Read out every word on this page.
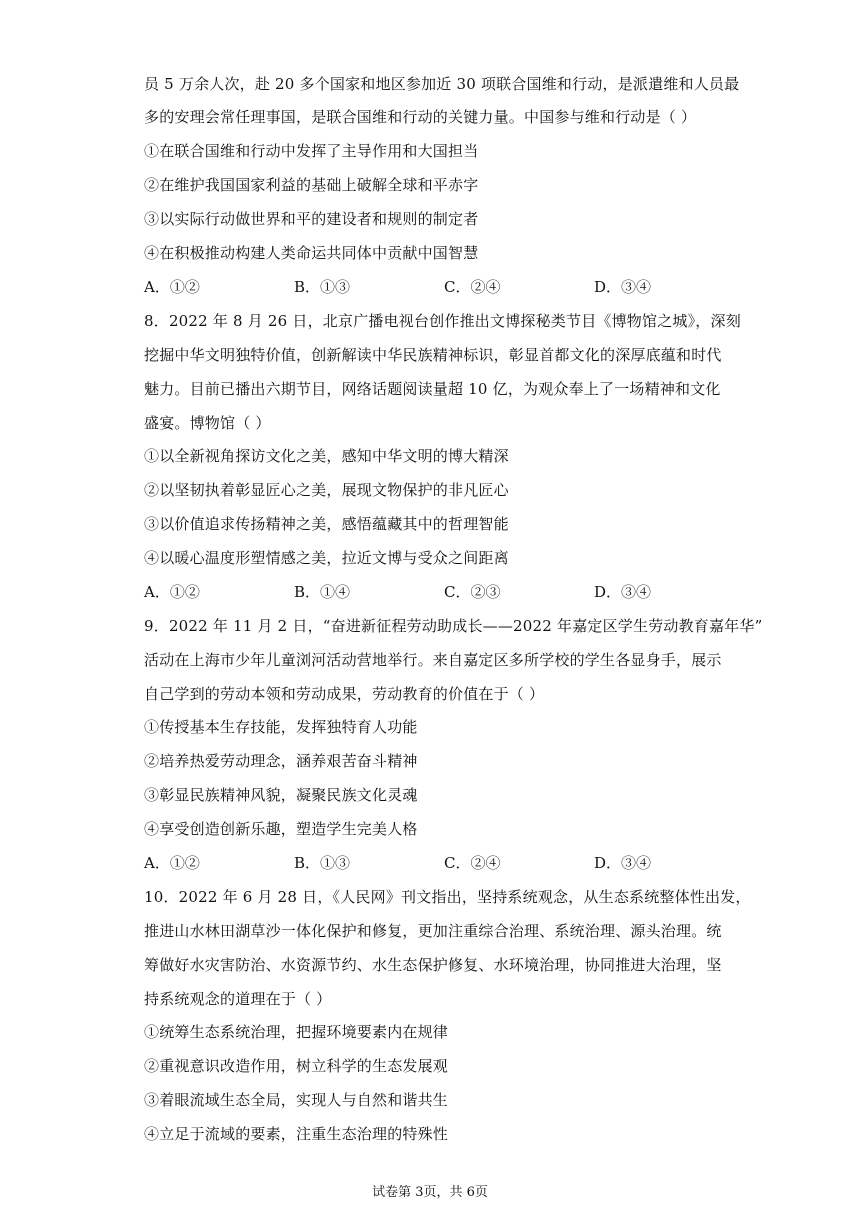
员 5 万余人次，赴 20 多个国家和地区参加近 30 项联合国维和行动，是派遣维和人员最
多的安理会常任理事国，是联合国维和行动的关键力量。中国参与维和行动是（ ）
①在联合国维和行动中发挥了主导作用和大国担当
②在维护我国国家利益的基础上破解全球和平赤字
③以实际行动做世界和平的建设者和规则的制定者
④在积极推动构建人类命运共同体中贡献中国智慧
A．①②	B．①③	C．②④	D．③④
8．2022 年 8 月 26 日，北京广播电视台创作推出文博探秘类节目《博物馆之城》，深刻
挖掘中华文明独特价值，创新解读中华民族精神标识，彰显首都文化的深厚底蕴和时代
魅力。目前已播出六期节目，网络话题阅读量超 10 亿，为观众奉上了一场精神和文化
盛宴。博物馆（ ）
①以全新视角探访文化之美，感知中华文明的博大精深
②以坚韧执着彰显匠心之美，展现文物保护的非凡匠心
③以价值追求传扬精神之美，感悟蕴藏其中的哲理智能
④以暖心温度形塑情感之美，拉近文博与受众之间距离
A．①②	B．①④	C．②③	D．③④
9．2022 年 11 月 2 日，“奋进新征程劳动助成长——2022 年嘉定区学生劳动教育嘉年华”
活动在上海市少年儿童浏河活动营地举行。来自嘉定区多所学校的学生各显身手，展示
自己学到的劳动本领和劳动成果，劳动教育的价值在于（ ）
①传授基本生存技能，发挥独特育人功能
②培养热爱劳动理念，涵养艰苦奋斗精神
③彰显民族精神风貌，凝聚民族文化灵魂
④享受创造创新乐趣，塑造学生完美人格
A．①②	B．①③	C．②④	D．③④
10．2022 年 6 月 28 日，《人民网》刊文指出，坚持系统观念，从生态系统整体性出发，
推进山水林田湖草沙一体化保护和修复，更加注重综合治理、系统治理、源头治理。统
筹做好水灾害防治、水资源节约、水生态保护修复、水环境治理，协同推进大治理，坚
持系统观念的道理在于（ ）
①统筹生态系统治理，把握环境要素内在规律
②重视意识改造作用，树立科学的生态发展观
③着眼流域生态全局，实现人与自然和谐共生
④立足于流域的要素，注重生态治理的特殊性
试卷第 3页，共 6页
